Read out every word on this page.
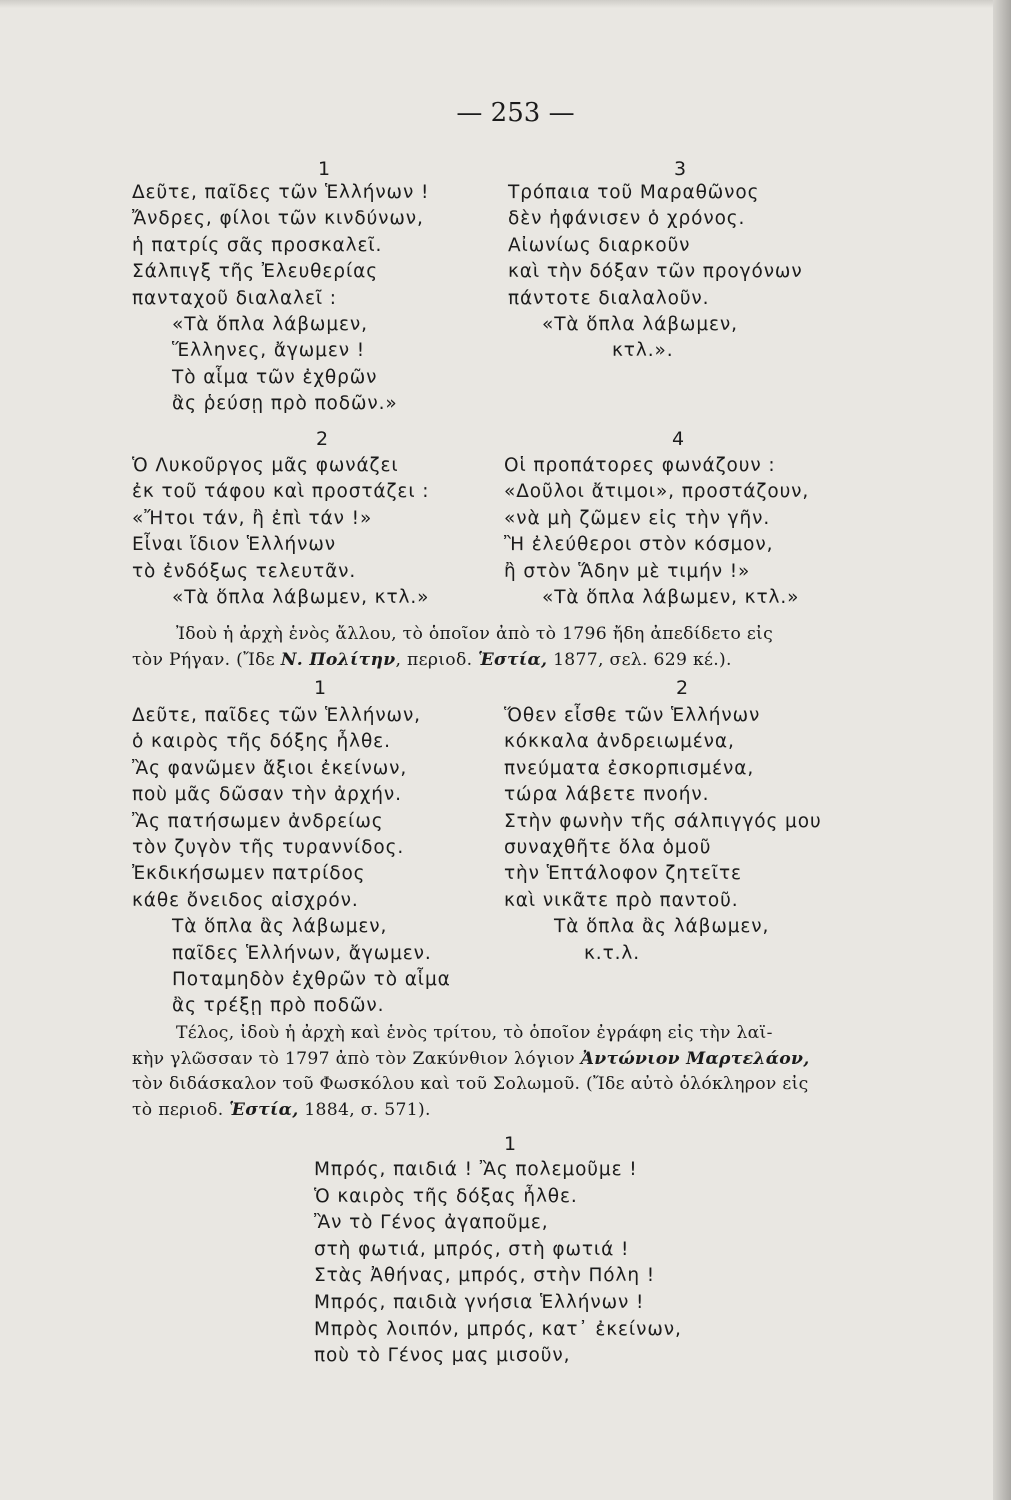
— 253 —
1
Δεῦτε, παῖδες τῶν Ἑλλήνων !
Ἄνδρες, φίλοι τῶν κινδύνων,
ἡ πατρίς σᾶς προσκαλεῖ.
Σάλπιγξ τῆς Ἐλευθερίας
πανταχοῦ διαλαλεῖ :
«Τὰ ὅπλα λάβωμεν,
Ἕλληνες, ἄγωμεν !
Τὸ αἷμα τῶν ἐχθρῶν
ἂς ῥεύσῃ πρὸ ποδῶν.»
2
Ὁ Λυκοῦργος μᾶς φωνάζει
ἐκ τοῦ τάφου καὶ προστάζει :
«Ἤτοι τάν, ἢ ἐπὶ τάν !»
Εἶναι ἴδιον Ἑλλήνων
τὸ ἐνδόξως τελευτᾶν.
«Τὰ ὅπλα λάβωμεν, κτλ.»
3
Τρόπαια τοῦ Μαραθῶνος
δὲν ἠφάνισεν ὁ χρόνος.
Αἰωνίως διαρκοῦν
καὶ τὴν δόξαν τῶν προγόνων
πάντοτε διαλαλοῦν.
«Τὰ ὅπλα λάβωμεν,
κτλ.».
4
Οἱ προπάτορες φωνάζουν :
«Δοῦλοι ἄτιμοι», προστάζουν,
«νὰ μὴ ζῶμεν εἰς τὴν γῆν.
Ἢ ἐλεύθεροι στὸν κόσμον,
ἢ στὸν Ἅδην μὲ τιμήν !»
«Τὰ ὅπλα λάβωμεν, κτλ.»
Ἰδοὺ ἡ ἀρχὴ ἑνὸς ἄλλου, τὸ ὁποῖον ἀπὸ τὸ 1796 ἤδη ἀπεδίδετο εἰς
τὸν Ρήγαν. (Ἴδε Ν. Πολίτην, περιοδ. Ἑστία, 1877, σελ. 629 κέ.).
1
Δεῦτε, παῖδες τῶν Ἑλλήνων,
ὁ καιρὸς τῆς δόξης ἦλθε.
Ἂς φανῶμεν ἄξιοι ἐκείνων,
ποὺ μᾶς δῶσαν τὴν ἀρχήν.
Ἂς πατήσωμεν ἀνδρείως
τὸν ζυγὸν τῆς τυραννίδος.
Ἐκδικήσωμεν πατρίδος
κάθε ὄνειδος αἰσχρόν.
Τὰ ὅπλα ἂς λάβωμεν,
παῖδες Ἑλλήνων, ἄγωμεν.
Ποταμηδὸν ἐχθρῶν τὸ αἷμα
ἂς τρέξῃ πρὸ ποδῶν.
2
Ὅθεν εἶσθε τῶν Ἑλλήνων
κόκκαλα ἀνδρειωμένα,
πνεύματα ἐσκορπισμένα,
τώρα λάβετε πνοήν.
Στὴν φωνὴν τῆς σάλπιγγός μου
συναχθῆτε ὅλα ὁμοῦ
τὴν Ἑπτάλοφον ζητεῖτε
καὶ νικᾶτε πρὸ παντοῦ.
Τὰ ὅπλα ἂς λάβωμεν,
κ.τ.λ.
Τέλος, ἰδοὺ ἡ ἀρχὴ καὶ ἑνὸς τρίτου, τὸ ὁποῖον ἐγράφη εἰς τὴν λαϊ-
κὴν γλῶσσαν τὸ 1797 ἀπὸ τὸν Ζακύνθιον λόγιον Ἀντώνιον Μαρτελάον,
τὸν διδάσκαλον τοῦ Φωσκόλου καὶ τοῦ Σολωμοῦ. (Ἴδε αὐτὸ ὁλόκληρον εἰς
τὸ περιοδ. Ἑστία, 1884, σ. 571).
1
Μπρός, παιδιά ! Ἂς πολεμοῦμε !
Ὁ καιρὸς τῆς δόξας ἦλθε.
Ἂν τὸ Γένος ἀγαποῦμε,
στὴ φωτιά, μπρός, στὴ φωτιά !
Στὰς Ἀθήνας, μπρός, στὴν Πόλη !
Μπρός, παιδιὰ γνήσια Ἑλλήνων !
Μπρὸς λοιπόν, μπρός, κατ᾿ ἐκείνων,
ποὺ τὸ Γένος μας μισοῦν,
